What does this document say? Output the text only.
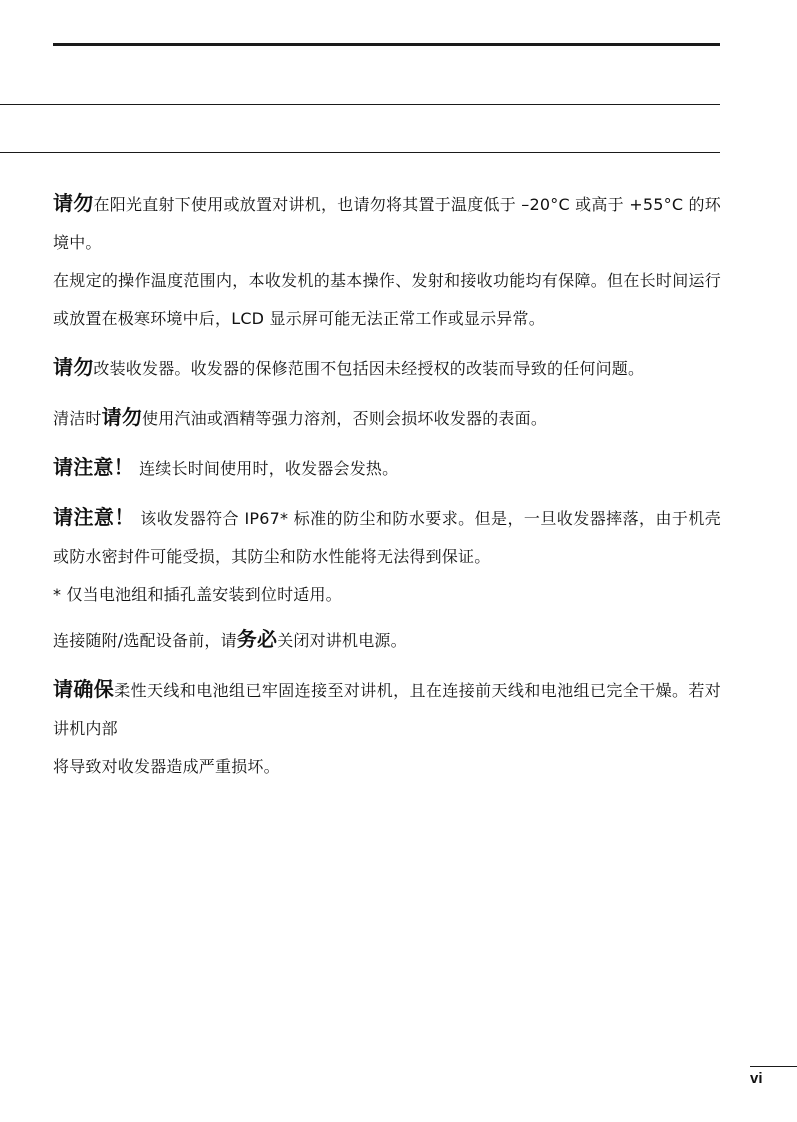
请勿在阳光直射下使用或放置对讲机，也请勿将其置于温度低于 –20°C 或高于 +55°C 的环境中。

在规定的操作温度范围内，本收发机的基本操作、发射和接收功能均有保障。但在长时间运行或放置在极寒环境中后，LCD 显示屏可能无法正常工作或显示异常。

请勿改装收发器。收发器的保修范围不包括因未经授权的改装而导致的任何问题。

清洁时请勿使用汽油或酒精等强力溶剂，否则会损坏收发器的表面。

请注意！ 连续长时间使用时，收发器会发热。

请注意！ 该收发器符合 IP67* 标准的防尘和防水要求。但是，一旦收发器摔落，由于机壳或防水密封件可能受损，其防尘和防水性能将无法得到保证。

* 仅当电池组和插孔盖安装到位时适用。

连接随附/选配设备前，请务必关闭对讲机电源。

请确保柔性天线和电池组已牢固连接至对讲机，且在连接前天线和电池组已完全干燥。若对讲机内部

将导致对收发器造成严重损坏。

vi
